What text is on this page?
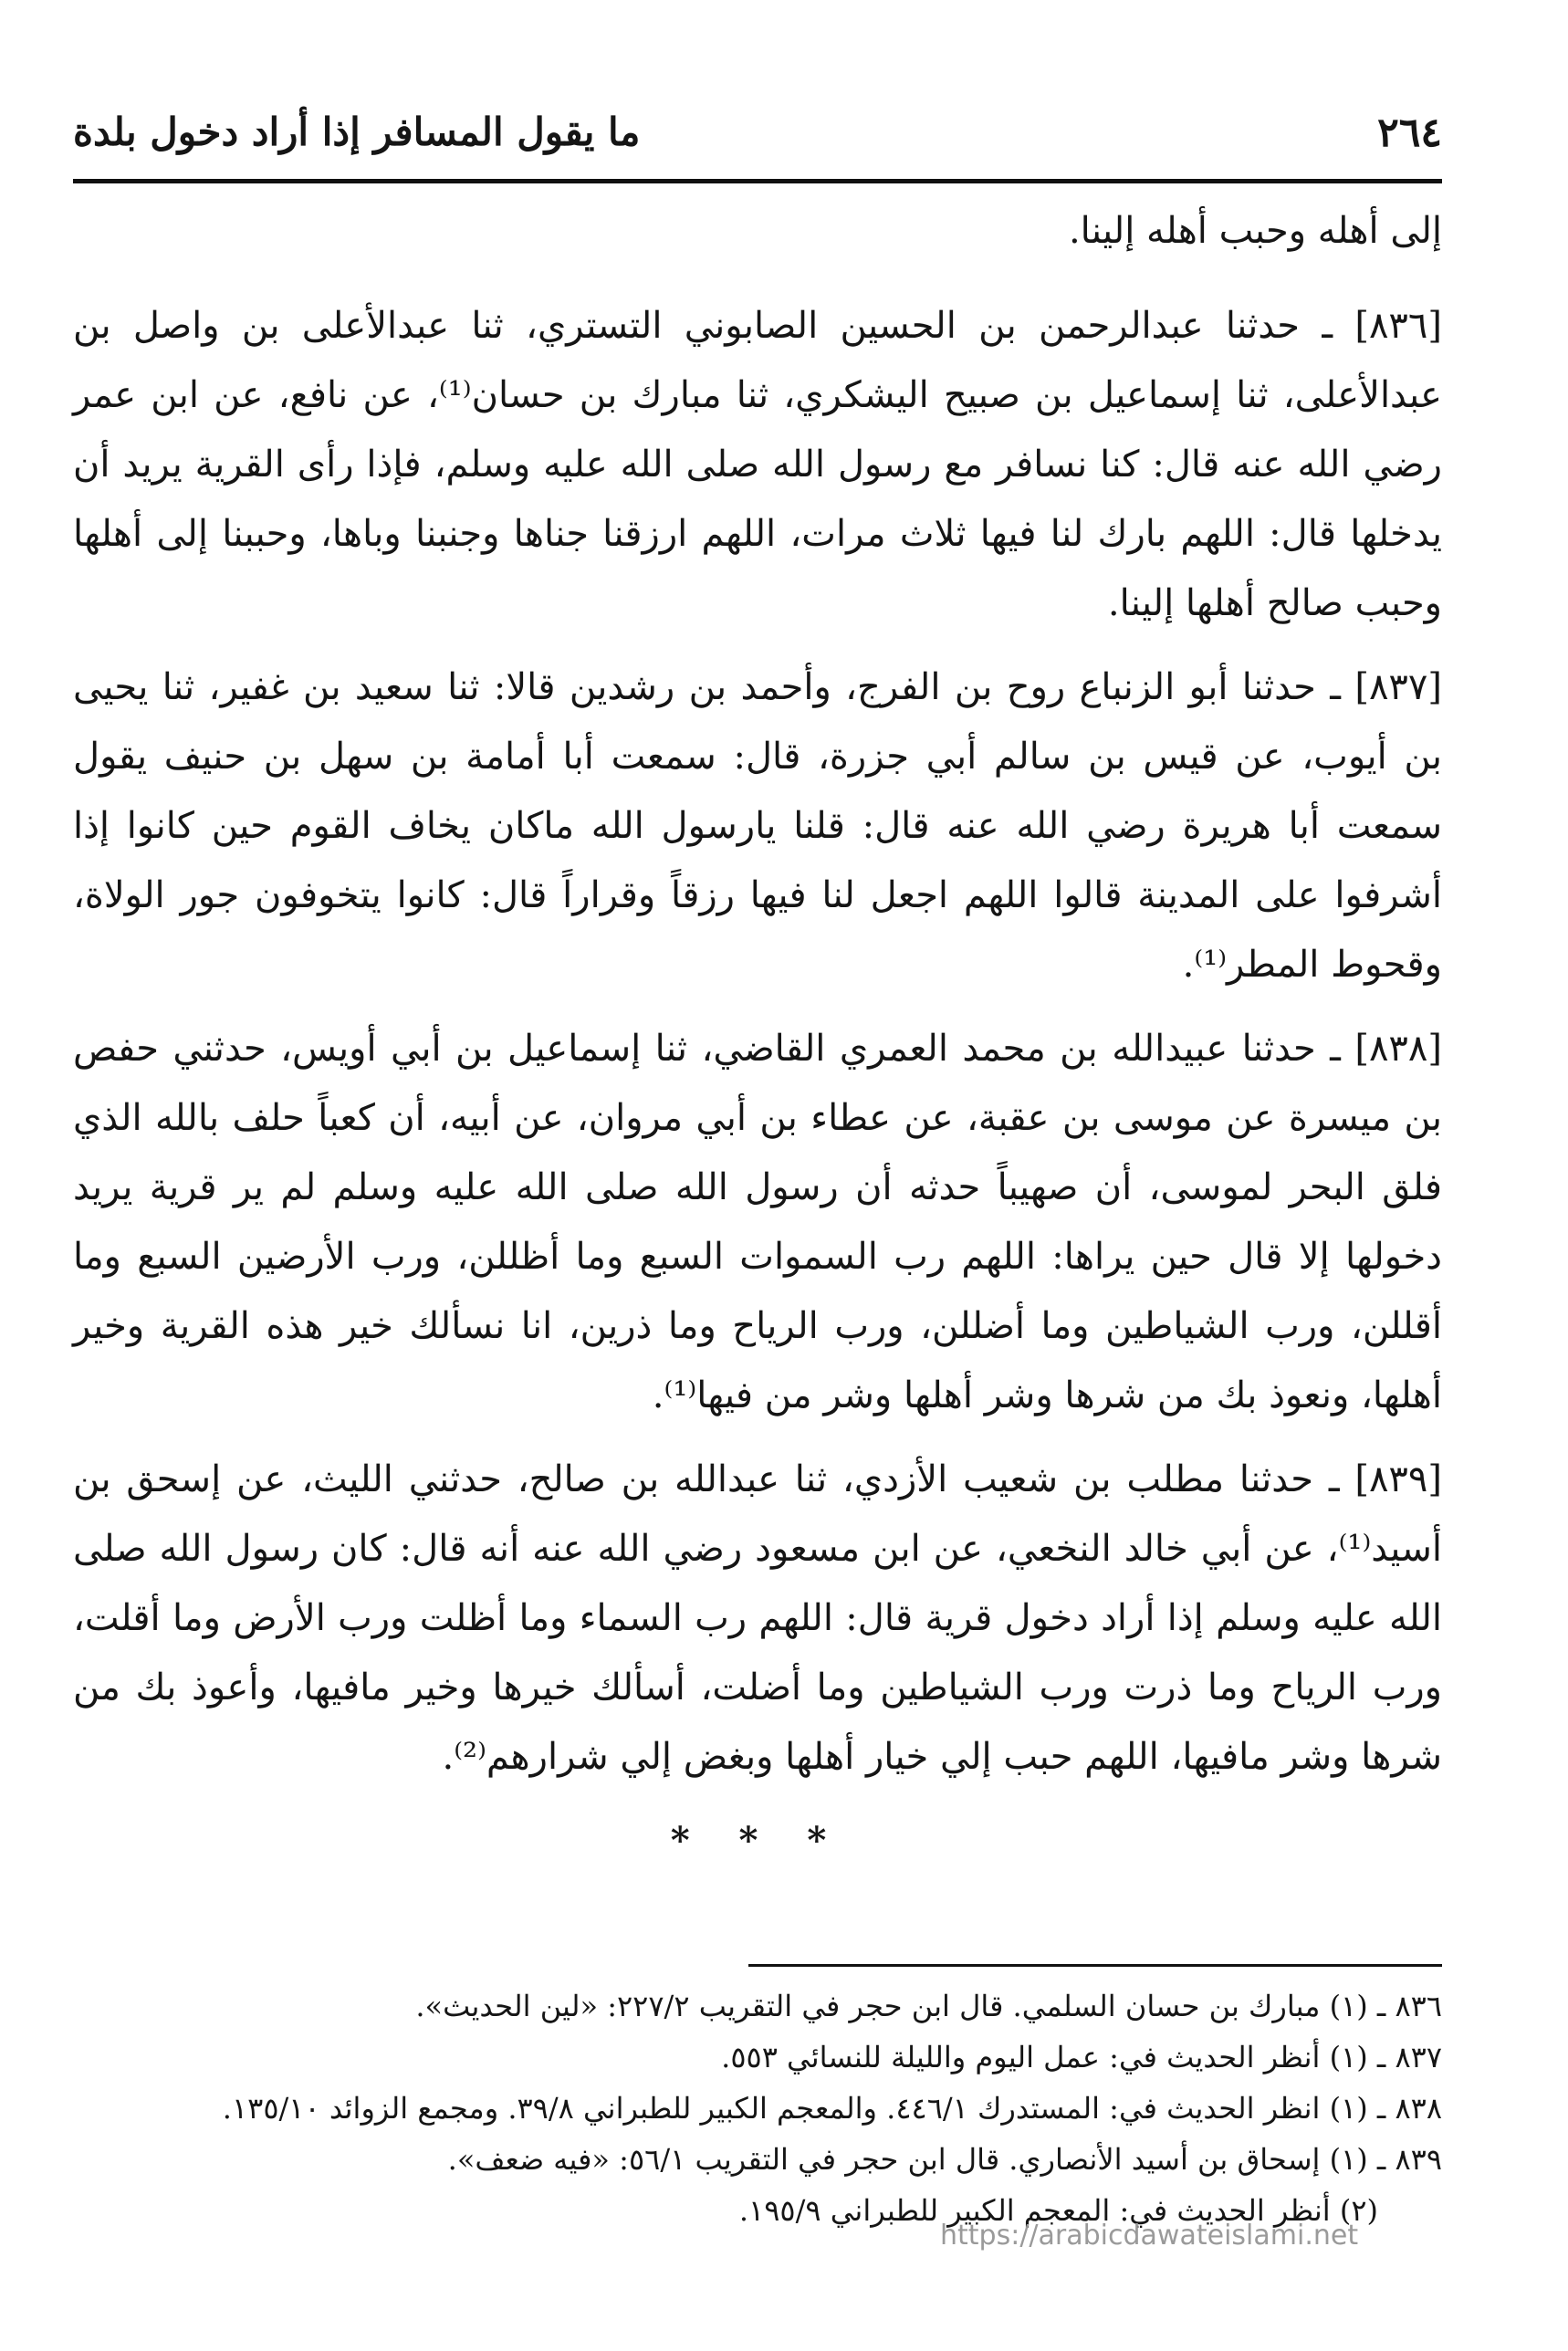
٢٦٤
ما يقول المسافر إذا أراد دخول بلدة

إلى أهله وحبب أهله إلينا.

[٨٣٦] ـ حدثنا عبدالرحمن بن الحسين الصابوني التستري، ثنا عبدالأعلى بن واصل بن عبدالأعلى، ثنا إسماعيل بن صبيح اليشكري، ثنا مبارك بن حسان⁽¹⁾، عن نافع، عن ابن عمر رضي الله عنه قال: كنا نسافر مع رسول الله صلى الله عليه وسلم، فإذا رأى القرية يريد أن يدخلها قال: اللهم بارك لنا فيها ثلاث مرات، اللهم ارزقنا جناها وجنبنا وباها، وحببنا إلى أهلها وحبب صالح أهلها إلينا.

[٨٣٧] ـ حدثنا أبو الزنباع روح بن الفرج، وأحمد بن رشدين قالا: ثنا سعيد بن غفير، ثنا يحيى بن أيوب، عن قيس بن سالم أبي جزرة، قال: سمعت أبا أمامة بن سهل بن حنيف يقول سمعت أبا هريرة رضي الله عنه قال: قلنا يارسول الله ماكان يخاف القوم حين كانوا إذا أشرفوا على المدينة قالوا اللهم اجعل لنا فيها رزقاً وقراراً قال: كانوا يتخوفون جور الولاة، وقحوط المطر⁽¹⁾.

[٨٣٨] ـ حدثنا عبيدالله بن محمد العمري القاضي، ثنا إسماعيل بن أبي أويس، حدثني حفص بن ميسرة عن موسى بن عقبة، عن عطاء بن أبي مروان، عن أبيه، أن كعباً حلف بالله الذي فلق البحر لموسى، أن صهيباً حدثه أن رسول الله صلى الله عليه وسلم لم ير قرية يريد دخولها إلا قال حين يراها: اللهم رب السموات السبع وما أظللن، ورب الأرضين السبع وما أقللن، ورب الشياطين وما أضللن، ورب الرياح وما ذرين، انا نسألك خير هذه القرية وخير أهلها، ونعوذ بك من شرها وشر أهلها وشر من فيها⁽¹⁾.

[٨٣٩] ـ حدثنا مطلب بن شعيب الأزدي، ثنا عبدالله بن صالح، حدثني الليث، عن إسحق بن أسيد⁽¹⁾، عن أبي خالد النخعي، عن ابن مسعود رضي الله عنه أنه قال: كان رسول الله صلى الله عليه وسلم إذا أراد دخول قرية قال: اللهم رب السماء وما أظلت ورب الأرض وما أقلت، ورب الرياح وما ذرت ورب الشياطين وما أضلت، أسألك خيرها وخير مافيها، وأعوذ بك من شرها وشر مافيها، اللهم حبب إلي خيار أهلها وبغض إلي شرارهم⁽²⁾.

* * *
٨٣٦ ـ (١) مبارك بن حسان السلمي. قال ابن حجر في التقريب ٢٢٧/٢: «لين الحديث».
٨٣٧ ـ (١) أنظر الحديث في: عمل اليوم والليلة للنسائي ٥٥٣.
٨٣٨ ـ (١) انظر الحديث في: المستدرك ٤٤٦/١. والمعجم الكبير للطبراني ٣٩/٨. ومجمع الزوائد ١٣٥/١٠.
٨٣٩ ـ (١) إسحاق بن أسيد الأنصاري. قال ابن حجر في التقريب ٥٦/١: «فيه ضعف».
(٢) أنظر الحديث في: المعجم الكبير للطبراني ١٩٥/٩.
https://arabicdawateislami.net
